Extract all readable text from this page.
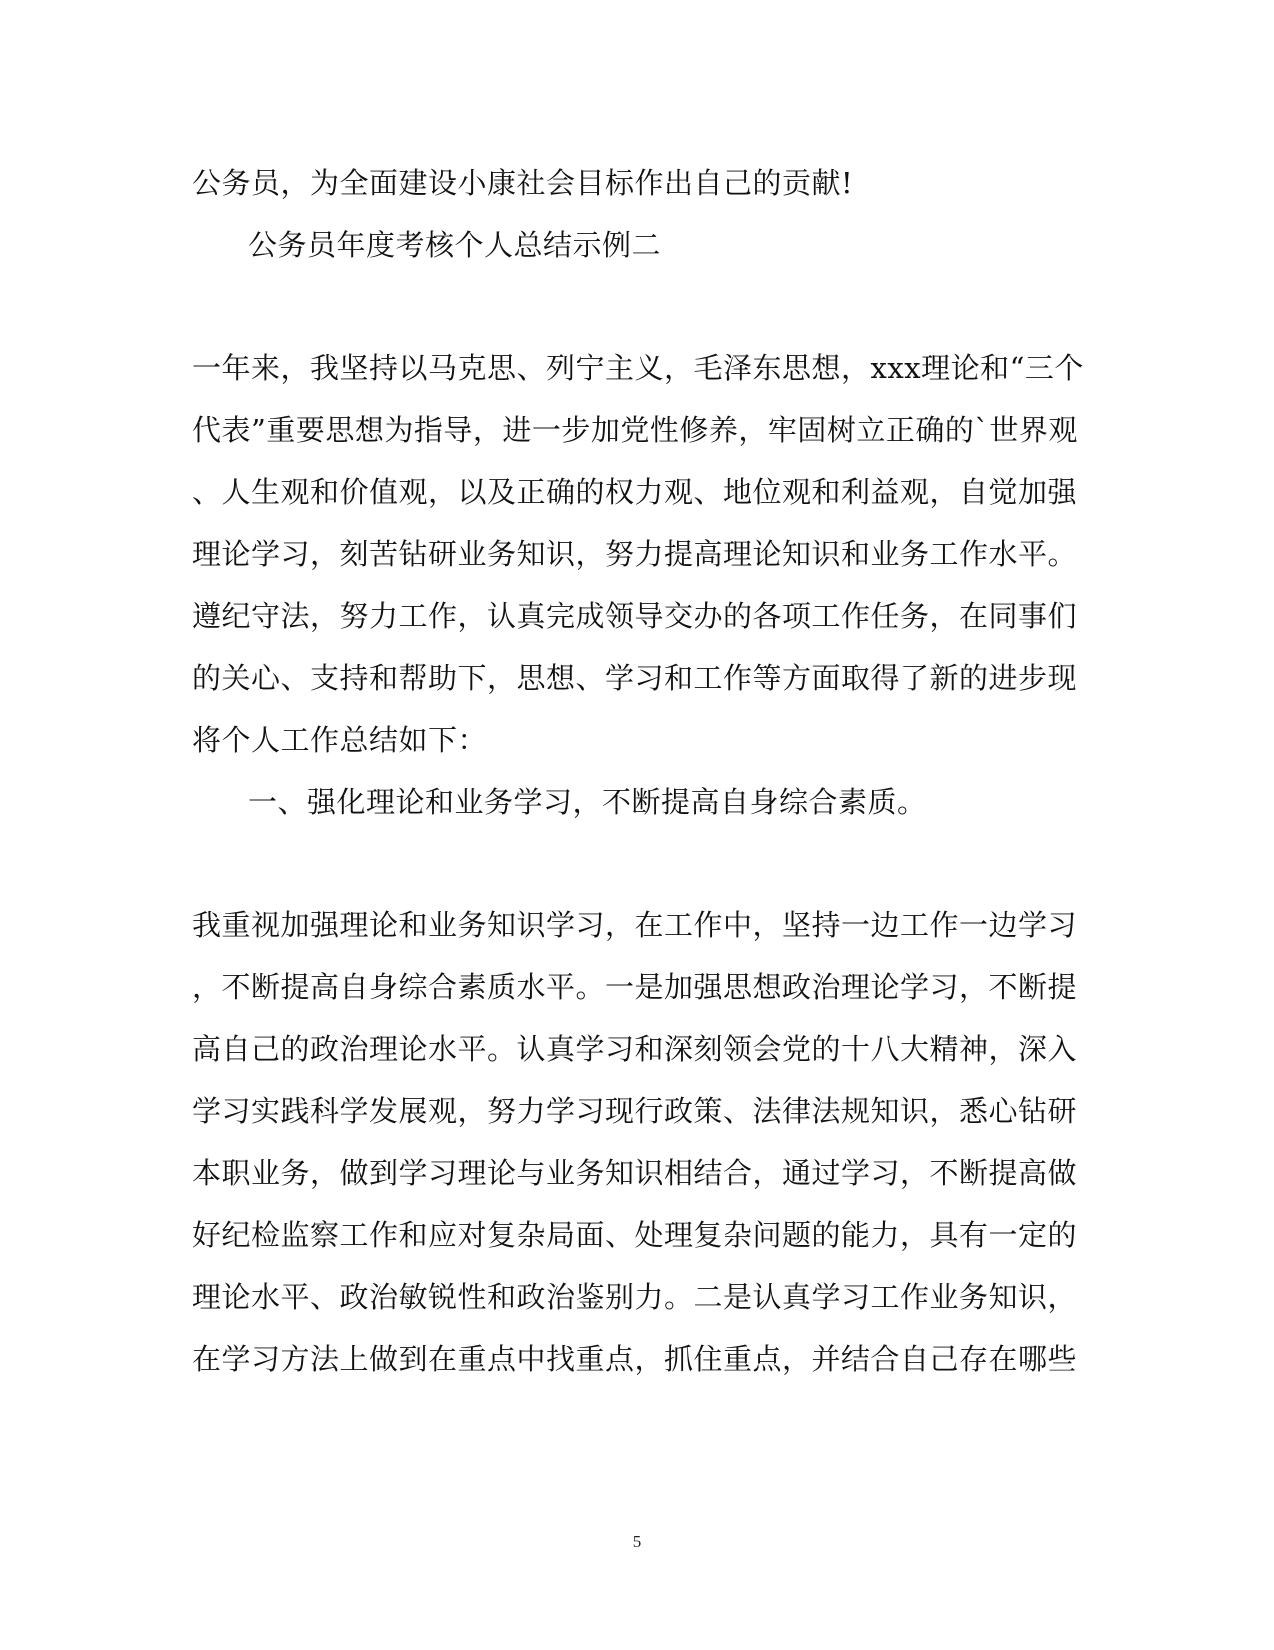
公务员，为全面建设小康社会目标作出自己的贡献!
公务员年度考核个人总结示例二
一年来，我坚持以马克思、列宁主义，毛泽东思想，xxx理论和“三个
代表”重要思想为指导，进一步加党性修养，牢固树立正确的`世界观
、人生观和价值观，以及正确的权力观、地位观和利益观，自觉加强
理论学习，刻苦钻研业务知识，努力提高理论知识和业务工作水平。
遵纪守法，努力工作，认真完成领导交办的各项工作任务，在同事们
的关心、支持和帮助下，思想、学习和工作等方面取得了新的进步现
将个人工作总结如下：
一、强化理论和业务学习，不断提高自身综合素质。
我重视加强理论和业务知识学习，在工作中，坚持一边工作一边学习
，不断提高自身综合素质水平。一是加强思想政治理论学习，不断提
高自己的政治理论水平。认真学习和深刻领会党的十八大精神，深入
学习实践科学发展观，努力学习现行政策、法律法规知识，悉心钻研
本职业务，做到学习理论与业务知识相结合，通过学习，不断提高做
好纪检监察工作和应对复杂局面、处理复杂问题的能力，具有一定的
理论水平、政治敏锐性和政治鉴别力。二是认真学习工作业务知识，
在学习方法上做到在重点中找重点，抓住重点，并结合自己存在哪些
5
